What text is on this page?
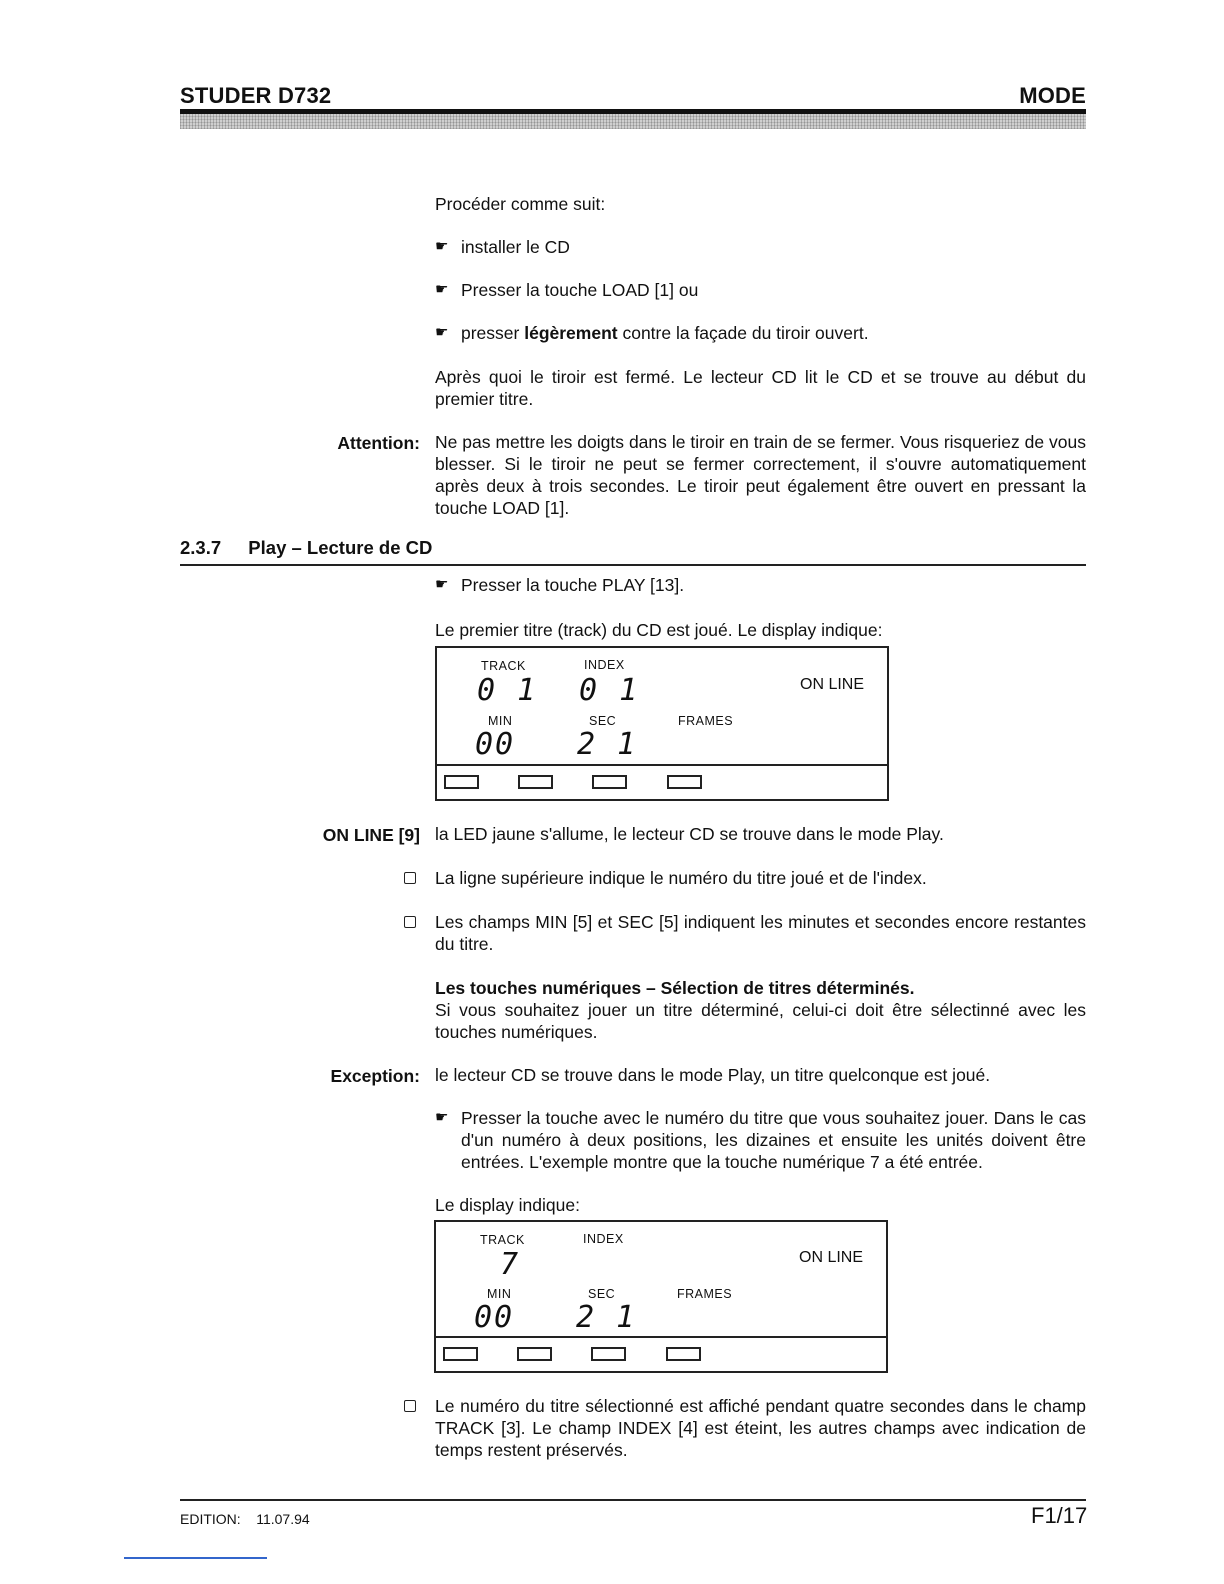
STUDER D732	MODE
Procéder comme suit:
☛ installer le CD
☛ Presser la touche LOAD [1] ou
☛ presser légèrement contre la façade du tiroir ouvert.
Après quoi le tiroir est fermé. Le lecteur CD lit le CD et se trouve au début du premier titre.
Attention: Ne pas mettre les doigts dans le tiroir en train de se fermer. Vous risqueriez de vous blesser. Si le tiroir ne peut se fermer correctement, il s'ouvre automatiquement après deux à trois secondes. Le tiroir peut également être ouvert en pressant la touche LOAD [1].
2.3.7 Play – Lecture de CD
☛ Presser la touche PLAY [13].
Le premier titre (track) du CD est joué. Le display indique:
TRACK	INDEX
0 1 0 1	ON LINE
MIN	SEC	FRAMES
00 2 1
ON LINE [9] la LED jaune s'allume, le lecteur CD se trouve dans le mode Play.
La ligne supérieure indique le numéro du titre joué et de l'index.
Les champs MIN [5] et SEC [5] indiquent les minutes et secondes encore restantes du titre.
Les touches numériques – Sélection de titres déterminés.
Si vous souhaitez jouer un titre déterminé, celui-ci doit être sélectinné avec les touches numériques.
Exception: le lecteur CD se trouve dans le mode Play, un titre quelconque est joué.
☛ Presser la touche avec le numéro du titre que vous souhaitez jouer. Dans le cas d'un numéro à deux positions, les dizaines et ensuite les unités doivent être entrées. L'exemple montre que la touche numérique 7 a été entrée.
Le display indique:
TRACK	INDEX
7	ON LINE
MIN	SEC	FRAMES
00 2 1
Le numéro du titre sélectionné est affiché pendant quatre secondes dans le champ TRACK [3]. Le champ INDEX [4] est éteint, les autres champs avec indication de temps restent préservés.
EDITION:    11.07.94	F1/17
